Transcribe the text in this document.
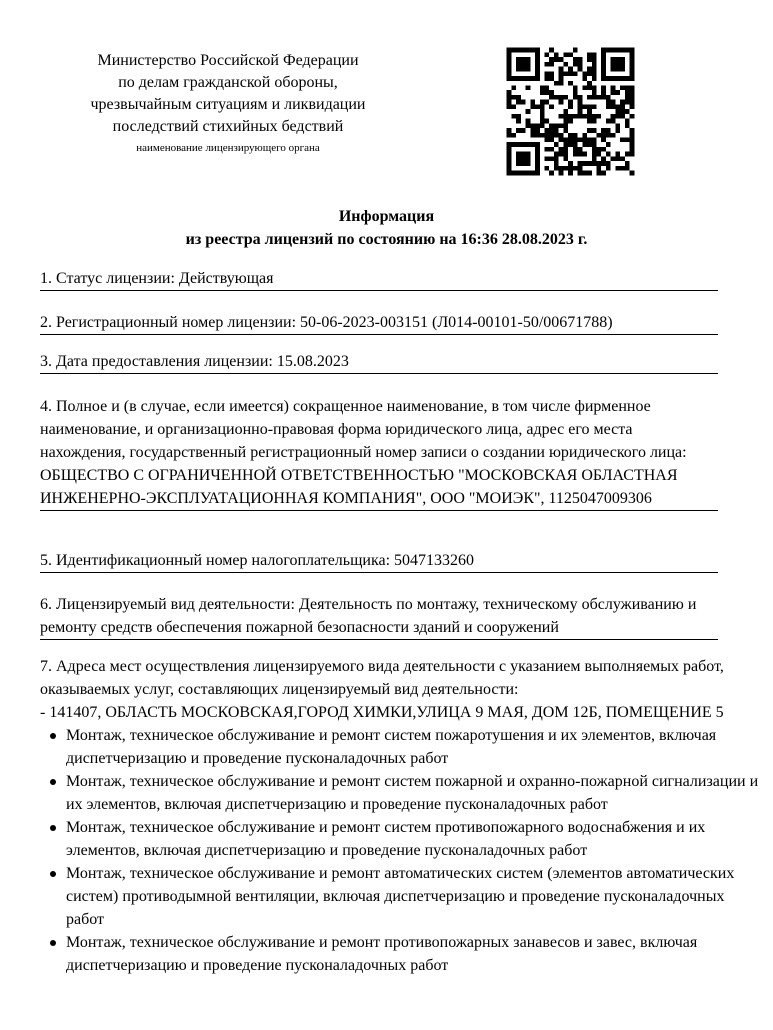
Министерство Российской Федерации
по делам гражданской обороны,
чрезвычайным ситуациям и ликвидации
последствий стихийных бедствий
наименование лицензирующего органа
Информация
из реестра лицензий по состоянию на 16:36 28.08.2023 г.

1. Статус лицензии: Действующая

2. Регистрационный номер лицензии: 50-06-2023-003151 (Л014-00101-50/00671788)

3. Дата предоставления лицензии: 15.08.2023

4. Полное и (в случае, если имеется) сокращенное наименование, в том числе фирменное наименование, и организационно-правовая форма юридического лица, адрес его места нахождения, государственный регистрационный номер записи о создании юридического лица: ОБЩЕСТВО С ОГРАНИЧЕННОЙ ОТВЕТСТВЕННОСТЬЮ "МОСКОВСКАЯ ОБЛАСТНАЯ ИНЖЕНЕРНО-ЭКСПЛУАТАЦИОННАЯ КОМПАНИЯ", ООО "МОИЭК", 1125047009306

5. Идентификационный номер налогоплательщика: 5047133260

6. Лицензируемый вид деятельности: Деятельность по монтажу, техническому обслуживанию и ремонту средств обеспечения пожарной безопасности зданий и сооружений

7. Адреса мест осуществления лицензируемого вида деятельности с указанием выполняемых работ, оказываемых услуг, составляющих лицензируемый вид деятельности:

- 141407, ОБЛАСТЬ МОСКОВСКАЯ,ГОРОД ХИМКИ,УЛИЦА 9 МАЯ, ДОМ 12Б, ПОМЕЩЕНИЕ 5

Монтаж, техническое обслуживание и ремонт систем пожаротушения и их элементов, включая диспетчеризацию и проведение пусконаладочных работ
Монтаж, техническое обслуживание и ремонт систем пожарной и охранно-пожарной сигнализации и их элементов, включая диспетчеризацию и проведение пусконаладочных работ
Монтаж, техническое обслуживание и ремонт систем противопожарного водоснабжения и их элементов, включая диспетчеризацию и проведение пусконаладочных работ
Монтаж, техническое обслуживание и ремонт автоматических систем (элементов автоматических систем) противодымной вентиляции, включая диспетчеризацию и проведение пусконаладочных работ
Монтаж, техническое обслуживание и ремонт противопожарных занавесов и завес, включая диспетчеризацию и проведение пусконаладочных работ
